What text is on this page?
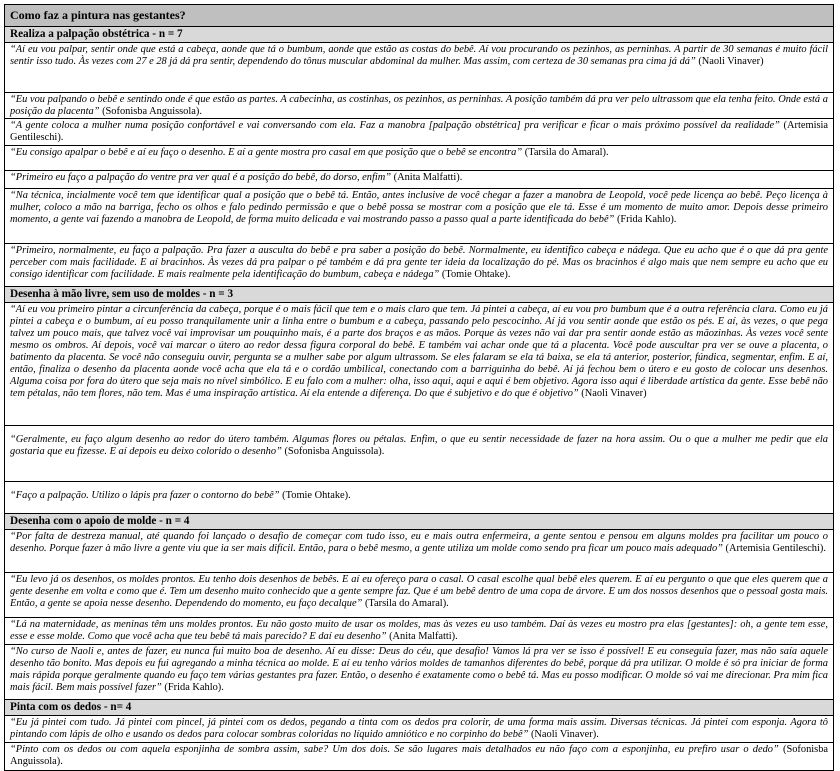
Como faz a pintura nas gestantes?
Realiza a palpação obstétrica - n = 7
“Aí eu vou palpar, sentir onde que está a cabeça, aonde que tá o bumbum, aonde que estão as costas do bebê. Aí vou procurando os pezinhos, as perninhas. A partir de 30 semanas é muito fácil sentir isso tudo. Às vezes com 27 e 28 já dá pra sentir, dependendo do tônus muscular abdominal da mulher. Mas assim, com certeza de 30 semanas pra cima já dá” (Naoli Vinaver)
“Eu vou palpando o bebê e sentindo onde é que estão as partes. A cabecinha, as costinhas, os pezinhos, as perninhas. A posição também dá pra ver pelo ultrassom que ela tenha feito. Onde está a posição da placenta” (Sofonisba Anguissola).
“A gente coloca a mulher numa posição confortável e vai conversando com ela. Faz a manobra [palpação obstétrica] pra verificar e ficar o mais próximo possível da realidade” (Artemisia Gentileschi).
“Eu consigo apalpar o bebê e aí eu faço o desenho. E aí a gente mostra pro casal em que posição que o bebê se encontra” (Tarsila do Amaral).
“Primeiro eu faço a palpação do ventre pra ver qual é a posição do bebê, do dorso, enfim” (Anita Malfatti).
“Na técnica, incialmente você tem que identificar qual a posição que o bebê tá. Então, antes inclusive de você chegar a fazer a manobra de Leopold, você pede licença ao bebê. Peço licença à mulher, coloco a mão na barriga, fecho os olhos e falo pedindo permissão e que o bebê possa se mostrar com a posição que ele tá. Esse é um momento de muito amor. Depois desse primeiro momento, a gente vai fazendo a manobra de Leopold, de forma muito delicada e vai mostrando passo a passo qual a parte identificada do bebê” (Frida Kahlo).
“Primeiro, normalmente, eu faço a palpação. Pra fazer a ausculta do bebê e pra saber a posição do bebê. Normalmente, eu identifico cabeça e nádega. Que eu acho que é o que dá pra gente perceber com mais facilidade. E aí bracinhos. Às vezes dá pra palpar o pé também e dá pra gente ter ideia da localização do pé. Mas os bracinhos é algo mais que nem sempre eu acho que eu consigo identificar com facilidade. E mais realmente pela identificação do bumbum, cabeça e nádega” (Tomie Ohtake).
Desenha à mão livre, sem uso de moldes - n = 3
“Aí eu vou primeiro pintar a circunferência da cabeça, porque é o mais fácil que tem e o mais claro que tem. Já pintei a cabeça, aí eu vou pro bumbum que é a outra referência clara. Como eu já pintei a cabeça e o bumbum, aí eu posso tranquilamente unir a linha entre o bumbum e a cabeça, passando pelo pescocinho. Aí já vou sentir aonde que estão os pés. E aí, às vezes, o que pega talvez um pouco mais, que talvez você vai improvisar um pouquinho mais, é a parte dos braços e as mãos. Porque às vezes não vai dar pra sentir aonde estão as mãozinhas. Às vezes você sente mesmo os ombros. Aí depois, você vai marcar o útero ao redor dessa figura corporal do bebê. E também vai achar onde que tá a placenta. Você pode auscultar pra ver se ouve a placenta, o batimento da placenta. Se você não conseguiu ouvir, pergunta se a mulher sabe por algum ultrassom. Se eles falaram se ela tá baixa, se ela tá anterior, posterior, fúndica, segmentar, enfim. E aí, então, finaliza o desenho da placenta aonde você acha que ela tá e o cordão umbilical, conectando com a barriguinha do bebê. Aí já fechou bem o útero e eu gosto de colocar uns desenhos. Alguma coisa por fora do útero que seja mais no nível simbólico. E eu falo com a mulher: olha, isso aqui, aqui e aqui é bem objetivo. Agora isso aqui é liberdade artística da gente. Esse bebê não tem pétalas, não tem flores, não tem. Mas é uma inspiração artística. Aí ela entende a diferença. Do que é subjetivo e do que é objetivo” (Naoli Vinaver)
“Geralmente, eu faço algum desenho ao redor do útero também. Algumas flores ou pétalas. Enfim, o que eu sentir necessidade de fazer na hora assim. Ou o que a mulher me pedir que ela gostaria que eu fizesse. E aí depois eu deixo colorido o desenho” (Sofonisba Anguissola).
“Faço a palpação. Utilizo o lápis pra fazer o contorno do bebê” (Tomie Ohtake).
Desenha com o apoio de molde - n = 4
“Por falta de destreza manual, até quando foi lançado o desafio de começar com tudo isso, eu e mais outra enfermeira, a gente sentou e pensou em alguns moldes pra facilitar um pouco o desenho. Porque fazer à mão livre a gente viu que ia ser mais difícil. Então, para o bebê mesmo, a gente utiliza um molde como sendo pra ficar um pouco mais adequado” (Artemisia Gentileschi).
“Eu levo já os desenhos, os moldes prontos. Eu tenho dois desenhos de bebês. E aí eu ofereço para o casal. O casal escolhe qual bebê eles querem. E aí eu pergunto o que que eles querem que a gente desenhe em volta e como que é. Tem um desenho muito conhecido que a gente sempre faz. Que é um bebê dentro de uma copa de árvore. E um dos nossos desenhos que o pessoal gosta mais. Então, a gente se apoia nesse desenho. Dependendo do momento, eu faço decalque” (Tarsila do Amaral).
“Lá na maternidade, as meninas têm uns moldes prontos. Eu não gosto muito de usar os moldes, mas às vezes eu uso também. Daí às vezes eu mostro pra elas [gestantes]: oh, a gente tem esse, esse e esse molde. Como que você acha que teu bebê tá mais parecido? E daí eu desenho” (Anita Malfatti).
“No curso de Naoli e, antes de fazer, eu nunca fui muito boa de desenho. Aí eu disse: Deus do céu, que desafio! Vamos lá pra ver se isso é possível! E eu conseguia fazer, mas não saía aquele desenho tão bonito. Mas depois eu fui agregando a minha técnica ao molde. E aí eu tenho vários moldes de tamanhos diferentes do bebê, porque dá pra utilizar. O molde é só pra iniciar de forma mais rápida porque geralmente quando eu faço tem várias gestantes pra fazer. Então, o desenho é exatamente como o bebê tá. Mas eu posso modificar. O molde só vai me direcionar. Pra mim fica mais fácil. Bem mais possível fazer” (Frida Kahlo).
Pinta com os dedos - n= 4
“Eu já pintei com tudo. Já pintei com pincel, já pintei com os dedos, pegando a tinta com os dedos pra colorir, de uma forma mais assim. Diversas técnicas. Já pintei com esponja. Agora tô pintando com lápis de olho e usando os dedos para colocar sombras coloridas no líquido amniótico e no corpinho do bebê” (Naoli Vinaver).
“Pinto com os dedos ou com aquela esponjinha de sombra assim, sabe? Um dos dois. Se são lugares mais detalhados eu não faço com a esponjinha, eu prefiro usar o dedo” (Sofonisba Anguissola).
